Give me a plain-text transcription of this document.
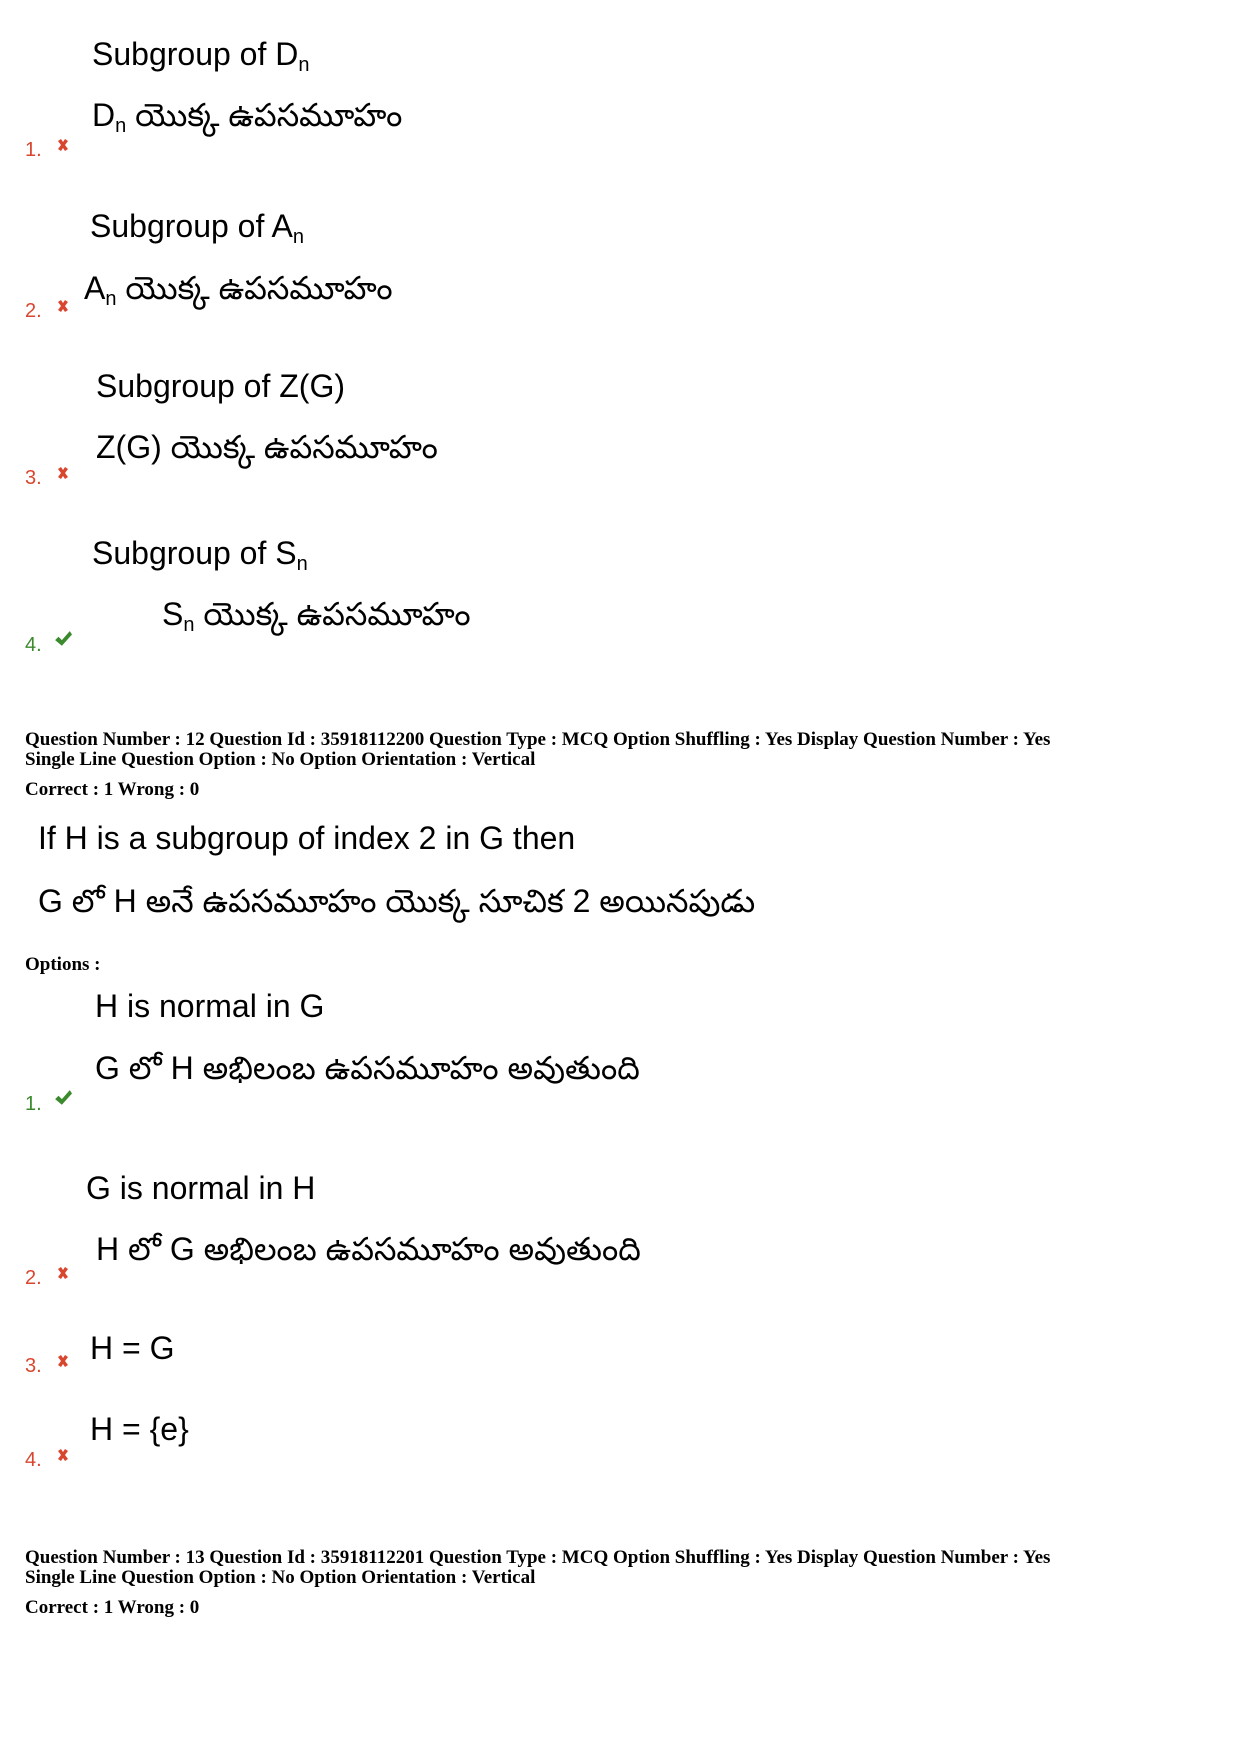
Subgroup of $D_n$
$D_n$ యొక్క ఉపసమూహం
1.
Subgroup of $A_n$
$A_n$ యొక్క ఉపసమూహం
2.
Subgroup of Z(G)
Z(G) యొక్క ఉపసమూహం
3.
Subgroup of $S_n$
$S_n$ యొక్క ఉపసమూహం
4.
Question Number : 12 Question Id : 35918112200 Question Type : MCQ Option Shuffling : Yes Display Question Number : Yes
Single Line Question Option : No Option Orientation : Vertical
Correct : 1 Wrong : 0
If H is a subgroup of index 2 in G then
G లో H అనే ఉపసమూహం యొక్క సూచిక 2 అయినపుడు
Options :
H is normal in G
G లో H అభిలంబ ఉపసమూహం అవుతుంది
1.
G is normal in H
H లో G అభిలంబ ఉపసమూహం అవుతుంది
2.
H = G
3.
H = {e}
4.
Question Number : 13 Question Id : 35918112201 Question Type : MCQ Option Shuffling : Yes Display Question Number : Yes
Single Line Question Option : No Option Orientation : Vertical
Correct : 1 Wrong : 0
